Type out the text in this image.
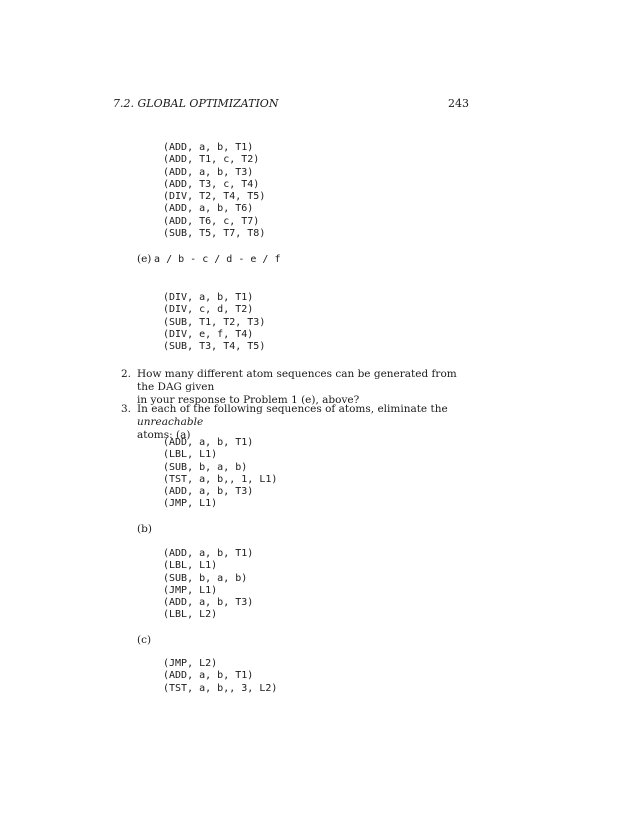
7.2. GLOBAL OPTIMIZATION	243
(ADD, a, b, T1)
(ADD, T1, c, T2)
(ADD, a, b, T3)
(ADD, T3, c, T4)
(DIV, T2, T4, T5)
(ADD, a, b, T6)
(ADD, T6, c, T7)
(SUB, T5, T7, T8)
(e) a / b - c / d - e / f
(DIV, a, b, T1)
(DIV, c, d, T2)
(SUB, T1, T2, T3)
(DIV, e, f, T4)
(SUB, T3, T4, T5)
2. How many different atom sequences can be generated from the DAG given
in your response to Problem 1 (e), above?
3. In each of the following sequences of atoms, eliminate the unreachable
atoms: (a)
(ADD, a, b, T1)
(LBL, L1)
(SUB, b, a, b)
(TST, a, b,, 1, L1)
(ADD, a, b, T3)
(JMP, L1)
(b)
(ADD, a, b, T1)
(LBL, L1)
(SUB, b, a, b)
(JMP, L1)
(ADD, a, b, T3)
(LBL, L2)
(c)
(JMP, L2)
(ADD, a, b, T1)
(TST, a, b,, 3, L2)
